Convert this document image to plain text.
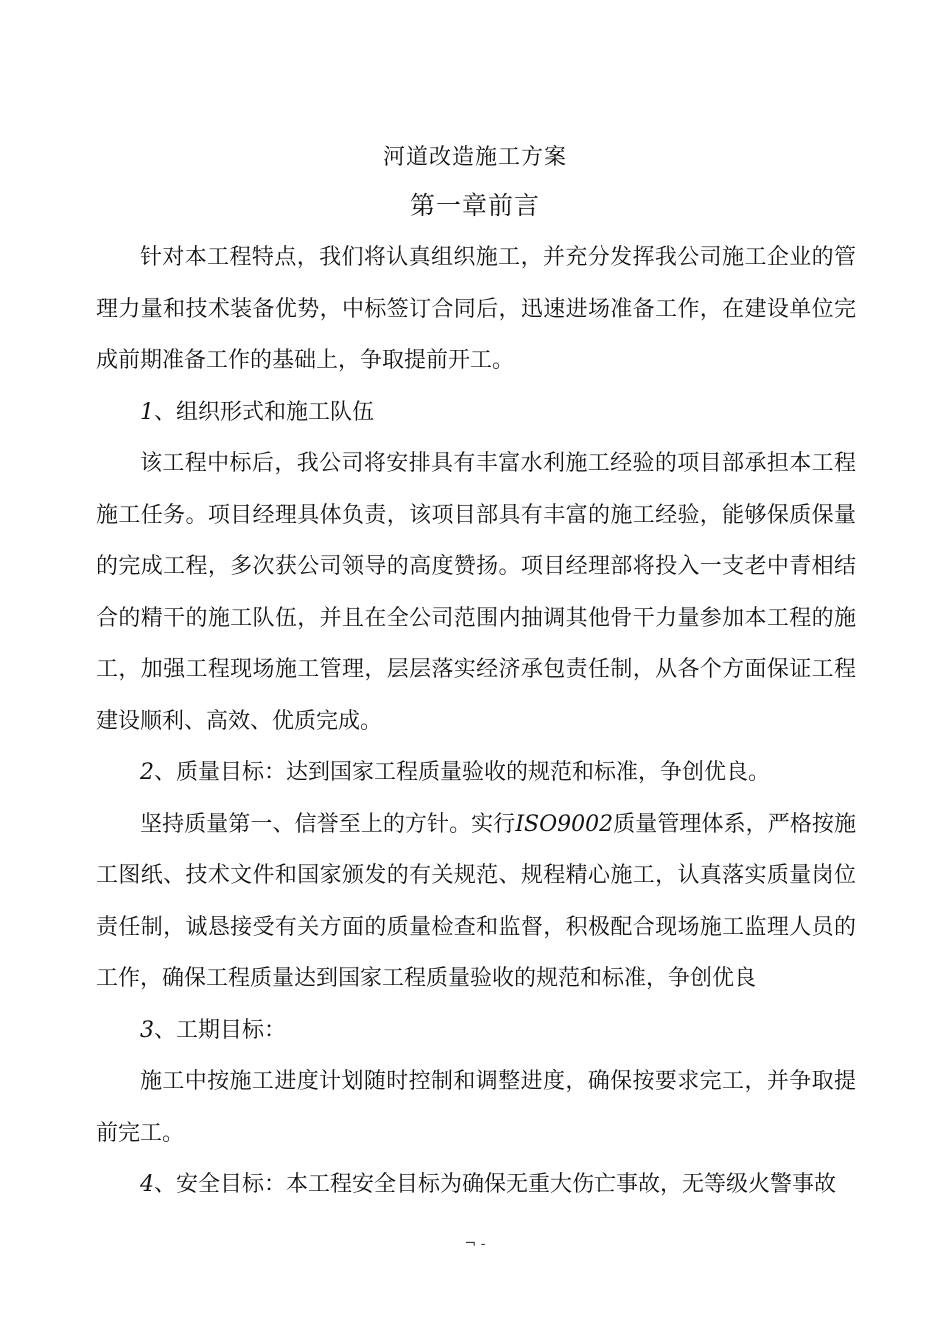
河道改造施工方案
第一章前言

针对本工程特点，我们将认真组织施工，并充分发挥我公司施工企业的管理力量和技术装备优势，中标签订合同后，迅速进场准备工作，在建设单位完成前期准备工作的基础上，争取提前开工。

1、组织形式和施工队伍

该工程中标后，我公司将安排具有丰富水利施工经验的项目部承担本工程施工任务。项目经理具体负责，该项目部具有丰富的施工经验，能够保质保量的完成工程，多次获公司领导的高度赞扬。项目经理部将投入一支老中青相结合的精干的施工队伍，并且在全公司范围内抽调其他骨干力量参加本工程的施工，加强工程现场施工管理，层层落实经济承包责任制，从各个方面保证工程建设顺利、高效、优质完成。

2、质量目标：达到国家工程质量验收的规范和标准，争创优良。

坚持质量第一、信誉至上的方针。实行ISO9002质量管理体系，严格按施工图纸、技术文件和国家颁发的有关规范、规程精心施工，认真落实质量岗位责任制，诚恳接受有关方面的质量检查和监督，积极配合现场施工监理人员的工作，确保工程质量达到国家工程质量验收的规范和标准，争创优良

3、工期目标：

施工中按施工进度计划随时控制和调整进度，确保按要求完工，并争取提前完工。

4、安全目标：本工程安全目标为确保无重大伤亡事故，无等级火警事故

¬ -
